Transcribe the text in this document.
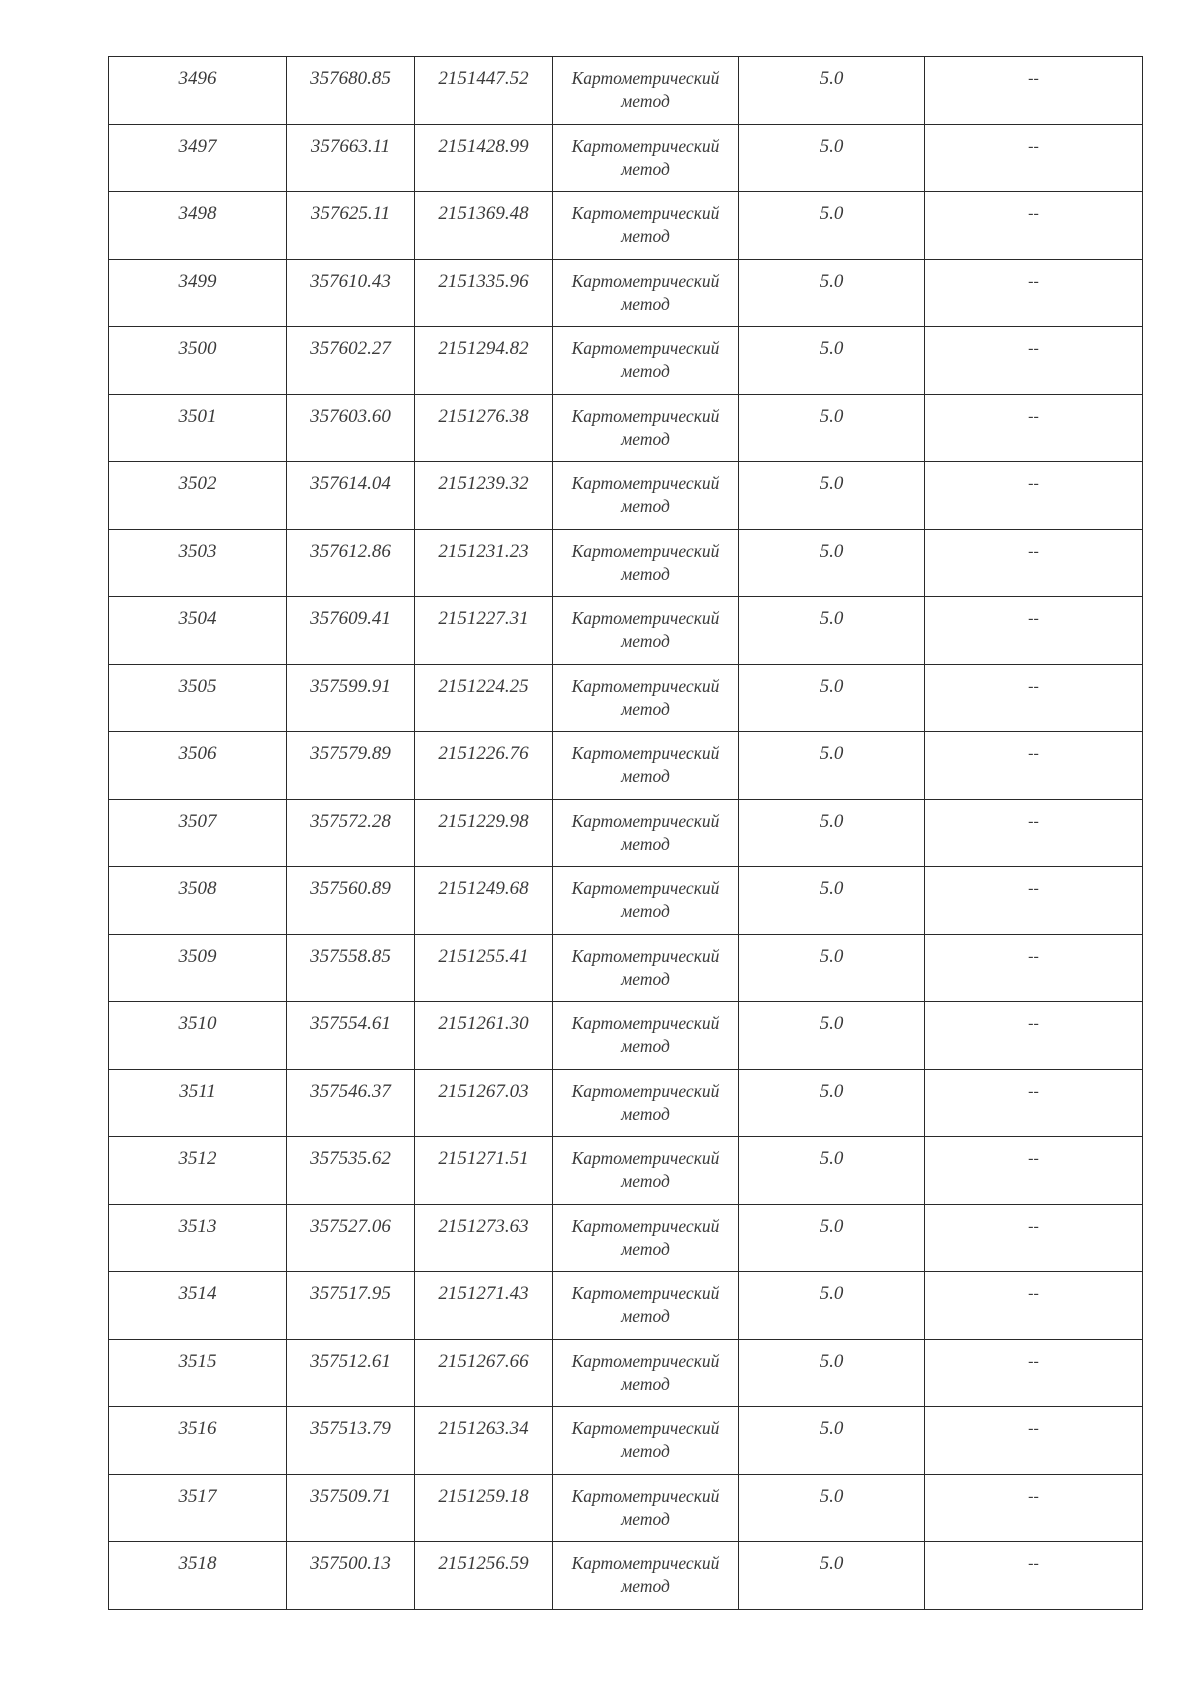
3496	357680.85	2151447.52	Картометрический метод	5.0	--

3497	357663.11	2151428.99	Картометрический метод	5.0	--

3498	357625.11	2151369.48	Картометрический метод	5.0	--

3499	357610.43	2151335.96	Картометрический метод	5.0	--

3500	357602.27	2151294.82	Картометрический метод	5.0	--

3501	357603.60	2151276.38	Картометрический метод	5.0	--

3502	357614.04	2151239.32	Картометрический метод	5.0	--

3503	357612.86	2151231.23	Картометрический метод	5.0	--

3504	357609.41	2151227.31	Картометрический метод	5.0	--

3505	357599.91	2151224.25	Картометрический метод	5.0	--

3506	357579.89	2151226.76	Картометрический метод	5.0	--

3507	357572.28	2151229.98	Картометрический метод	5.0	--

3508	357560.89	2151249.68	Картометрический метод	5.0	--

3509	357558.85	2151255.41	Картометрический метод	5.0	--

3510	357554.61	2151261.30	Картометрический метод	5.0	--

3511	357546.37	2151267.03	Картометрический метод	5.0	--

3512	357535.62	2151271.51	Картометрический метод	5.0	--

3513	357527.06	2151273.63	Картометрический метод	5.0	--

3514	357517.95	2151271.43	Картометрический метод	5.0	--

3515	357512.61	2151267.66	Картометрический метод	5.0	--

3516	357513.79	2151263.34	Картометрический метод	5.0	--

3517	357509.71	2151259.18	Картометрический метод	5.0	--

3518	357500.13	2151256.59	Картометрический метод	5.0	--
